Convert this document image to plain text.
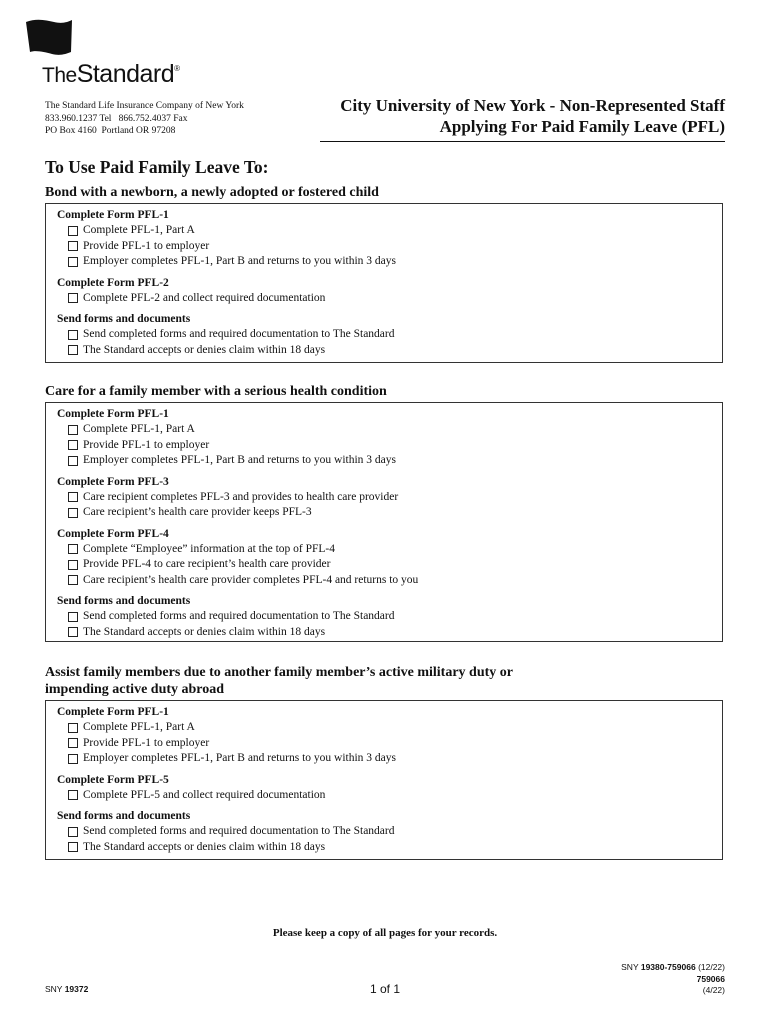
TheStandard®
The Standard Life Insurance Company of New York
833.960.1237 Tel   866.752.4037 Fax
PO Box 4160  Portland OR 97208
City University of New York - Non-Represented Staff
Applying For Paid Family Leave (PFL)
To Use Paid Family Leave To:
Bond with a newborn, a newly adopted or fostered child
Complete Form PFL-1
Complete PFL-1, Part A
Provide PFL-1 to employer
Employer completes PFL-1, Part B and returns to you within 3 days
Complete Form PFL-2
Complete PFL-2 and collect required documentation
Send forms and documents
Send completed forms and required documentation to The Standard
The Standard accepts or denies claim within 18 days
Care for a family member with a serious health condition
Complete Form PFL-1
Complete PFL-1, Part A
Provide PFL-1 to employer
Employer completes PFL-1, Part B and returns to you within 3 days
Complete Form PFL-3
Care recipient completes PFL-3 and provides to health care provider
Care recipient’s health care provider keeps PFL-3
Complete Form PFL-4
Complete “Employee” information at the top of PFL-4
Provide PFL-4 to care recipient’s health care provider
Care recipient’s health care provider completes PFL-4 and returns to you
Send forms and documents
Send completed forms and required documentation to The Standard
The Standard accepts or denies claim within 18 days
Assist family members due to another family member’s active military duty or
impending active duty abroad
Complete Form PFL-1
Complete PFL-1, Part A
Provide PFL-1 to employer
Employer completes PFL-1, Part B and returns to you within 3 days
Complete Form PFL-5
Complete PFL-5 and collect required documentation
Send forms and documents
Send completed forms and required documentation to The Standard
The Standard accepts or denies claim within 18 days
Please keep a copy of all pages for your records.
SNY 19372	1 of 1
SNY 19380-759066 (12/22)
759066
(4/22)
